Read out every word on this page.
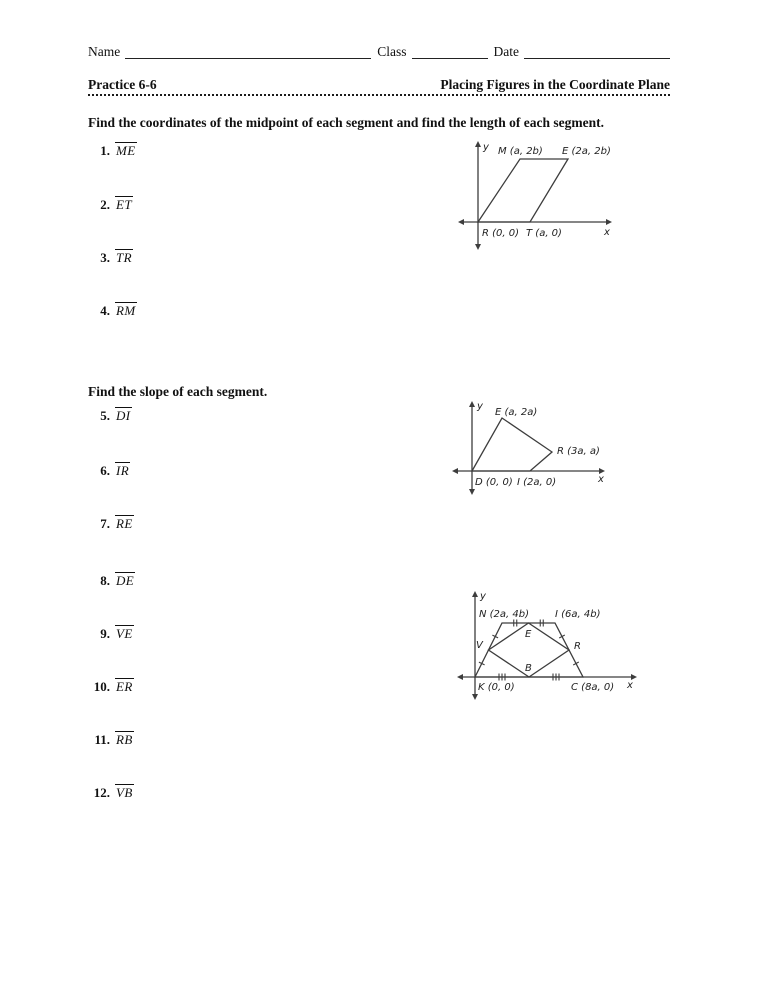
Name	Class	Date
Practice 6-6	Placing Figures in the Coordinate Plane
Find the coordinates of the midpoint of each segment and find the length of each segment.
1. ME
2. ET
3. TR
4. RM
y
x
M (a, 2b) E (2a, 2b)
R (0, 0) T (a, 0)
Find the slope of each segment.
5. DI
6. IR
7. RE
8. DE
9. VE
10. ER
11. RB
12. VB
y
x
E (a, 2a)
R (3a, a)
D (0, 0) I (2a, 0)
y
x
N (2a, 4b)	I (6a, 4b)
V
E
R
B
K (0, 0)	C (8a, 0)
